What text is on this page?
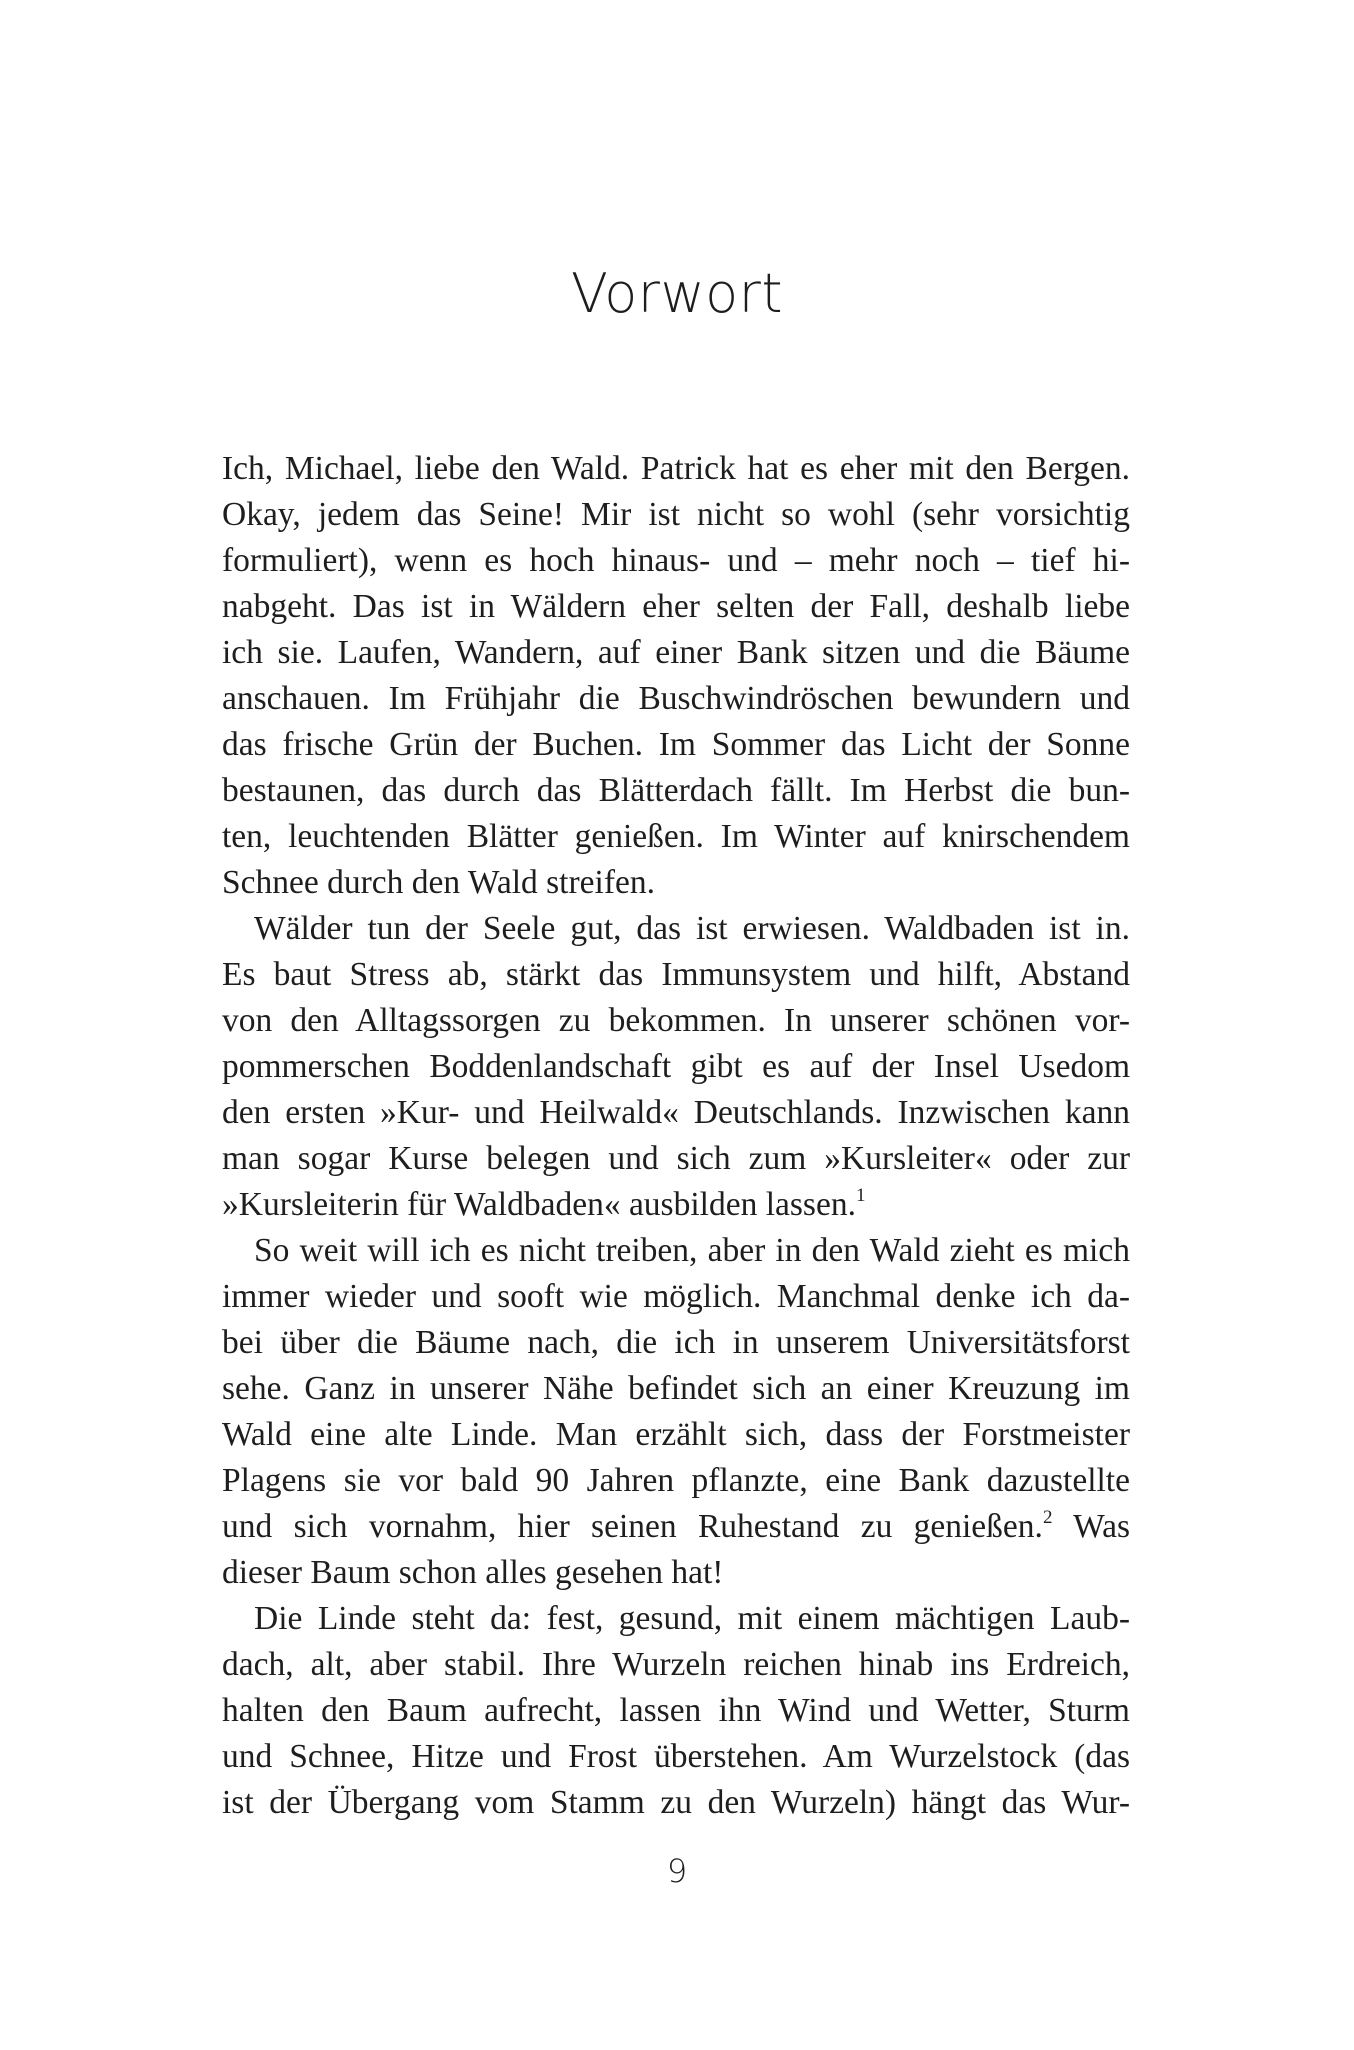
Vorwort
Ich, Michael, liebe den Wald. Patrick hat es eher mit den Bergen.
Okay, jedem das Seine! Mir ist nicht so wohl (sehr vorsichtig
formuliert), wenn es hoch hinaus- und – mehr noch – tief hi-
nabgeht. Das ist in Wäldern eher selten der Fall, deshalb liebe
ich sie. Laufen, Wandern, auf einer Bank sitzen und die Bäume
anschauen. Im Frühjahr die Buschwindröschen bewundern und
das frische Grün der Buchen. Im Sommer das Licht der Sonne
bestaunen, das durch das Blätterdach fällt. Im Herbst die bun-
ten, leuchtenden Blätter genießen. Im Winter auf knirschendem
Schnee durch den Wald streifen.
Wälder tun der Seele gut, das ist erwiesen. Waldbaden ist in.
Es baut Stress ab, stärkt das Immunsystem und hilft, Abstand
von den Alltagssorgen zu bekommen. In unserer schönen vor-
pommerschen Boddenlandschaft gibt es auf der Insel Usedom
den ersten »Kur- und Heilwald« Deutschlands. Inzwischen kann
man sogar Kurse belegen und sich zum »Kursleiter« oder zur
»Kursleiterin für Waldbaden« ausbilden lassen.$^1$
So weit will ich es nicht treiben, aber in den Wald zieht es mich
immer wieder und sooft wie möglich. Manchmal denke ich da-
bei über die Bäume nach, die ich in unserem Universitätsforst
sehe. Ganz in unserer Nähe befindet sich an einer Kreuzung im
Wald eine alte Linde. Man erzählt sich, dass der Forstmeister
Plagens sie vor bald 90 Jahren pflanzte, eine Bank dazustellte
und sich vornahm, hier seinen Ruhestand zu genießen.$^2$ Was
dieser Baum schon alles gesehen hat!
Die Linde steht da: fest, gesund, mit einem mächtigen Laub-
dach, alt, aber stabil. Ihre Wurzeln reichen hinab ins Erdreich,
halten den Baum aufrecht, lassen ihn Wind und Wetter, Sturm
und Schnee, Hitze und Frost überstehen. Am Wurzelstock (das
ist der Übergang vom Stamm zu den Wurzeln) hängt das Wur-
9
